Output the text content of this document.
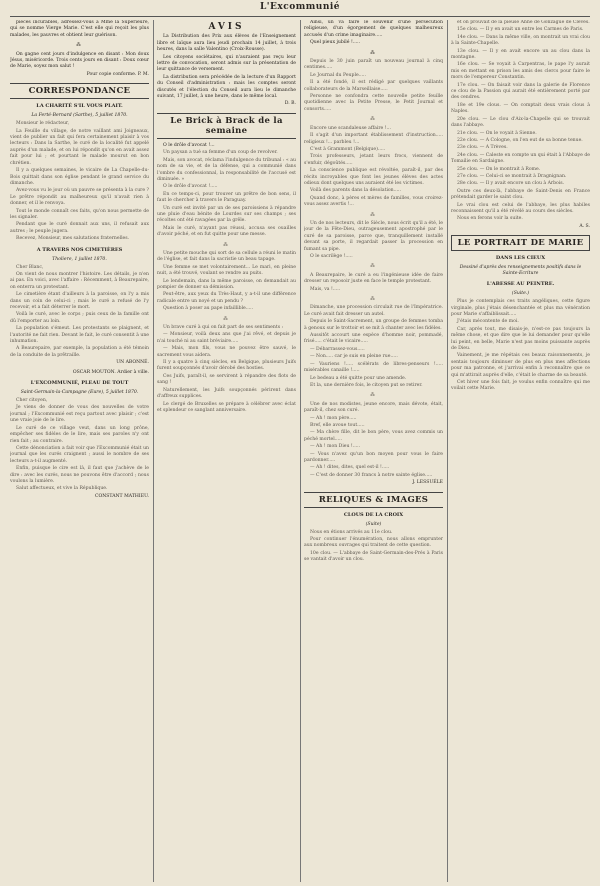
L'Excommunié

pieces incurables, adressez-vous à Mme la Supérieure, qui se nomme Vierge Marie. C'est elle qui reçoit les plus malades, les pauvres et obtient leur guérison.

⁂

On gagne cent jours d'indulgence en disant : Mon doux Jésus, miséricorde. Trois cents jours en disant : Doux cœur de Marie, soyez mon salut !

Pour copie conforme. P. M.
CORRESPONDANCE
LA CHARITÉ S'IL VOUS PLAIT.
La Ferté-Bernard (Sarthe), 5 juillet 1870.

Monsieur le rédacteur,

La Feuille du village, de notre vaillant ami Joigneaux, vient de publier un fait qui fera certainement plaisir à vos lecteurs : Dans la Sarthe, le curé de la localité fut appelé auprès d'un malade, et on lui répondit qu'on en avait assez fait pour lui ; et pourtant le malade mourut en bon chrétien.

Il y a quelques semaines, le vicaire de La Chapelle-du-Bois quittait dans son église pendant le grand service du dimanche.

Avez-vous vu le jour où un pauvre se présenta à la cure ? Le prêtre répondit au malheureux qu'il n'avait rien à donner, et il le renvoya.

Tout le monde connaît ces faits, qu'on nous permette de les signaler.

Pendant que le curé donnait aux uns, il refusait aux autres ; le peuple jugera.

Recevez, Monsieur, mes salutations fraternelles.

A TRAVERS NOS CIMETIÈRES
Tholiere, 1 juillet 1870.

Cher Blanc,

On vient de nous montrer l'histoire. Les détails, je n'en ai pas. En voici, avec l'affaire : Récemment, à Beaurepaire, on enterra un protestant.

Le cimetière étant d'ailleurs à la paroisse, on l'y a mis dans un coin de celui-ci ; mais le curé a refusé de l'y recevoir, et a fait déterrer le mort.

Voilà le curé, avec le corps ; puis ceux de la famille ont dû l'emporter au loin.

La population s'émeut. Les protestants se plaignent, et l'autorité ne fait rien. Devant le fait, le curé consentit à une inhumation.

A Beaurepaire, par exemple, la population a été témoin de la conduite de la prêtraille.

UN ABONNÉ.
OSCAR MOUTON. Ardier à ville.
L'EXCOMMUNIÉ, PLEAU DE TOUT
Saint-Germain-la-Campagne (Eure), 5 juillet 1870.

Cher citoyen,

Je viens de donner de vous des nouvelles de votre journal ; l'Excommunié est reçu partout avec plaisir ; c'est une vraie joie de le lire.

Le curé de ce village veut, dans un long prône, empêcher ses fidèles de le lire, mais ses paroles n'y ont rien fait ; au contraire.

Cette dénonciation a fait voir que l'Excommunié était un journal que les curés craignent ; aussi le nombre de ses lecteurs a-t-il augmenté.

Enfin, puisque le cire est là, il faut que j'achève de le dire : avec les curés, nous ne pouvons être d'accord ; nous voulons la lumière.

Salut affectueux, et vive la République.

CONSTANT MATHIEU.
AVIS

La Distribution des Prix aux élèves de l'Enseignement libre et laïque aura lieu jeudi prochain 14 juillet, à trois heures, dans la salle Valentino (Croix-Rousse).

Les citoyens sociétaires, qui n'auraient pas reçu leur lettre de convocation, seront admis sur la présentation de leur quittance de versement.

La distribution sera précédée de la lecture d'un Rapport du Conseil d'administration : mais les comptes seront discutés et l'élection du Conseil aura lieu le dimanche suivant, 17 juillet, à une heure, dans le même local.

D. B.
Le Brick à Brack de la semaine

O le drôle d'avocat !...

Un paysan a tué sa femme d'un coup de revolver.

Mais, son avocat, réclama l'indulgence du tribunal : « au nom de sa vie, et de la défense, qui a communié dans l'ombre du confessionnal, la responsabilité de l'accusé est diminuée. »

O le drôle d'avocat !.....

En ce temps-ci, pour trouver un prêtre de bon sens, il faut le chercher à travers le Paraguay.

Un curé est invité par un de ses paroissiens à répandre une pluie d'eau bénite de Lourdes sur ses champs ; ses récoltes ont été ravagées par la grêle.

Mais le curé, n'ayant pas réussi, accusa ses ouailles d'avoir péché, et en fut quitte pour une messe.

⁂

Une petite mouche qui sort de sa cellule a réuni le matin de l'église, et fait dans la sacristie un beau tapage.

Une femme se met volontairement... Le mari, en pleine nuit, a été trouvé, voulant se rendre au puits.

Le lendemain, dans la même paroisse, on demandait au pompier de donner sa démission.

Peut-être, aux yeux du Très-Haut, y a-t-il une différence radicale entre un noyé et un pendu ?

Question à poser au pape infaillible.....

⁂

Un brave curé à qui on fait part de ses sentiments :

— Monsieur, voilà deux ans que j'ai rêvé, et depuis je n'ai touché ni au saint bréviaire.....

— Mais, mon fils, vous ne pouvez être sauvé, le sacrement vous aidera.

Il y a quatre à cinq siècles, en Belgique, plusieurs Juifs furent soupçonnés d'avoir dérobé des hosties.

Ces Juifs, paraît-il, se servirent à répandre des flots de sang !

Naturellement, les Juifs soupçonnés périrent dans d'affreux supplices.

Le clergé de Bruxelles se prépare à célébrer avec éclat et splendeur ce sanglant anniversaire.

Ainsi, un va faire le souvenir d'une persécution religieuse, d'un égorgement de quelques malheureux accusés d'un crime imaginaire.....

Quel pieux jubilé !.....

⁂

Depuis le 30 juin paraît un nouveau journal à cinq centimes.....

Le Journal du Peuple.....

Il a été fondé, il est rédigé par quelques vaillants collaborateurs de la Marseillaise.....

Personne ne confondra cette nouvelle petite feuille quotidienne avec la Petite Presse, le Petit Journal et consorts.....

⁂

Encore une scandaleuse affaire !...

Il s'agit d'un important établissement d'instruction..... religieux !... parbleu !...

C'est à Grammont (Belgique).....

Trois professeurs, jetant leurs frocs, viennent de s'enfuir, dégoûtés.....

La conscience publique est révoltée, paraît-il, par des récits incroyables que font les jeunes élèves des actes odieux dont quelques uns auraient été les victimes.

Voilà des parents dans la désolation.....

Quand donc, à pères et mères de familles, vous croirez-vous assez avertis !...

⁂

Un de nos lecteurs, dit le Siècle, nous écrit qu'il a été, le jour de la Fête-Dieu, outrageusement apostrophé par le curé de sa paroisse, parce que, tranquillement installé devant sa porte, il regardait passer la procession en fumant sa pipe.

O le sacrilège !.....

⁂

A Beaurepaire, le curé a eu l'ingénieuse idée de faire dresser un reposoir juste en face le temple protestant.

Mais, va !.....

⁂

Dimanche, une procession circulait rue de l'Impératrice. Le curé avait fait dresser un autel.

Depuis le Saint-Sacrement, un groupe de femmes tomba à genoux sur le trottoir et se mit à chanter avec les fidèles.

Aussitôt accourt une espèce d'homme noir, pommadé, frisé..... c'était le vicaire.....

— Débarrassez-vous.....

— Non..... car je suis en pleine rue.....

— Vauriens !..... scélérats de libres-penseurs !..... misérables canaille !.....

Le bedeau a été quitte pour une amende.

Et la, une dernière fois, le citoyen put se retirer.

⁂

Une de nos modistes, jeune encore, mais dévote, était, paraît-il, chez son curé.

— Ah ! mon père.....

Bref, elle avoue tout.....

— Ma chère fille, dit le bon père, vous avez commis un péché mortel.....

— Ah ! mon Dieu !.....

— Vous n'avez qu'un bon moyen pour vous le faire pardonner.....

— Ah ! dites, dites, quel est-il !.....

— C'est de donner 30 francs à notre sainte église.....

J. LESSUÉLE
RELIQUES & IMAGES
CLOUS DE LA CROIX
(Suite)

Nous en étions arrivés au 11e clou.

Pour continuer l'énumération, nous allons emprunter aux nombreux ouvrages qui traitent de cette question.

10e clou. — L'abbaye de Saint-Germain-des-Prés à Paris se vantait d'avoir un clou.

et on prouvait de la pieuse Anne de Gonzague de Clèves.

15e clou. — Il y en avait un entre les Carmes de Paris.

14e clou. — Dans la même ville, on montrait un vrai clou à la Sainte-Chapelle.

13e clou. — Il y en avait encore un au clou dans la montagne.

16e clou. — Se voyait à Carpentras, le pape l'y aurait mis en mettant en prison les amis des clercs pour faire le mors de l'empereur Constantin.

17e clou. — On faisait voir dans la galerie de Florence ce clou de la Passion qui aurait été entièrement porté par des cendres.

18e et 19e clous. — On comptait deux vrais clous à Naples.

20e clou. — Le clou d'Aix-la-Chapelle qui se trouvait dans l'abbaye.

21e clou. — On le voyait à Sienne.

22e clou. — A Cologne, on l'en eut de sa bonne tenue.

23e clou. — A Trèves.

24e clou. — Caleste en compte un qui était à l'Abbaye de Tomailie en Sardaigne.

25e clou. — On le montrait à Rome.

27e clou. — Celui-ci se montrait à Dragnignan.

28e clou. — Il y avait encore un clou à Arbois.

Outre ces deux-là, l'abbaye de Saint-Denis en France prétendait garder le saint clou.

Le vrai clou est celui de l'abbaye, les plus habiles reconnaissent qu'il a été révélé au cours des siècles.

Nous en ferons voir la suite.

A. S.
LE PORTRAIT DE MARIE
DANS LES CIEUX
Dessiné d'après des renseignements positifs dans le Sainte-Ecriture
L'ABESSE AU PEINTRE.
(Suite.)

Plus je contemplais ces traits angéliques, cette figure virginale, plus j'étais désenchantée et plus ma vénération pour Marie s'affaiblissait.....

J'étais mécontente de moi.

Car, après tout, me disais-je, n'est-ce pas toujours la même chose, et que dire que le lui demander pour qu'elle lui peint, en belle, Marie n'est pas moins puissante auprès de Dieu.

Vainement, je me répétais ces beaux raisonnements, je sentais toujours diminuer de plus en plus mes affections pour ma patronne, et j'arrivai enfin à reconnaître que ce qui m'attirait auprès d'elle, c'était le charme de sa beauté.

Cet hiver une fois fait, je voulus enfin connaître qui me voilait cette Marie.
